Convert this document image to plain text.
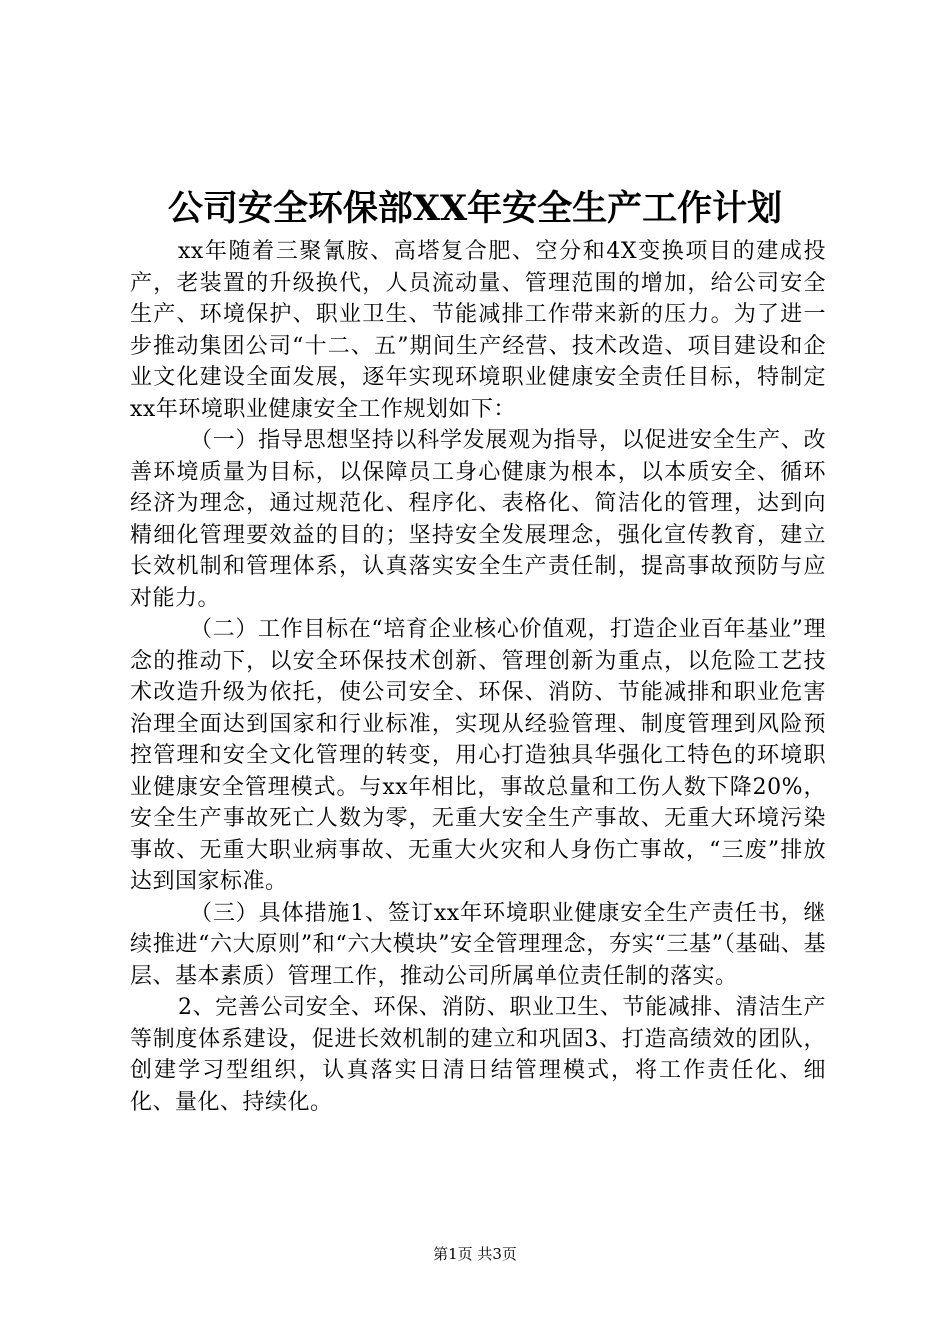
公司安全环保部XX年安全生产工作计划

xx年随着三聚氰胺、高塔复合肥、空分和4X变换项目的建成投产，老装置的升级换代，人员流动量、管理范围的增加，给公司安全生产、环境保护、职业卫生、节能减排工作带来新的压力。为了进一步推动集团公司“十二、五”期间生产经营、技术改造、项目建设和企业文化建设全面发展，逐年实现环境职业健康安全责任目标，特制定xx年环境职业健康安全工作规划如下：

（一）指导思想坚持以科学发展观为指导，以促进安全生产、改善环境质量为目标，以保障员工身心健康为根本，以本质安全、循环经济为理念，通过规范化、程序化、表格化、简洁化的管理，达到向精细化管理要效益的目的；坚持安全发展理念，强化宣传教育，建立长效机制和管理体系，认真落实安全生产责任制，提高事故预防与应对能力。

（二）工作目标在“培育企业核心价值观，打造企业百年基业”理念的推动下，以安全环保技术创新、管理创新为重点，以危险工艺技术改造升级为依托，使公司安全、环保、消防、节能减排和职业危害治理全面达到国家和行业标准，实现从经验管理、制度管理到风险预控管理和安全文化管理的转变，用心打造独具华强化工特色的环境职业健康安全管理模式。与xx年相比，事故总量和工伤人数下降20%，安全生产事故死亡人数为零，无重大安全生产事故、无重大环境污染事故、无重大职业病事故、无重大火灾和人身伤亡事故，“三废”排放达到国家标准。

（三）具体措施1、签订xx年环境职业健康安全生产责任书，继续推进“六大原则”和“六大模块”安全管理理念，夯实“三基”（基础、基层、基本素质）管理工作，推动公司所属单位责任制的落实。

2、完善公司安全、环保、消防、职业卫生、节能减排、清洁生产等制度体系建设，促进长效机制的建立和巩固3、打造高绩效的团队，创建学习型组织，认真落实日清日结管理模式，将工作责任化、细化、量化、持续化。

第1页 共3页
